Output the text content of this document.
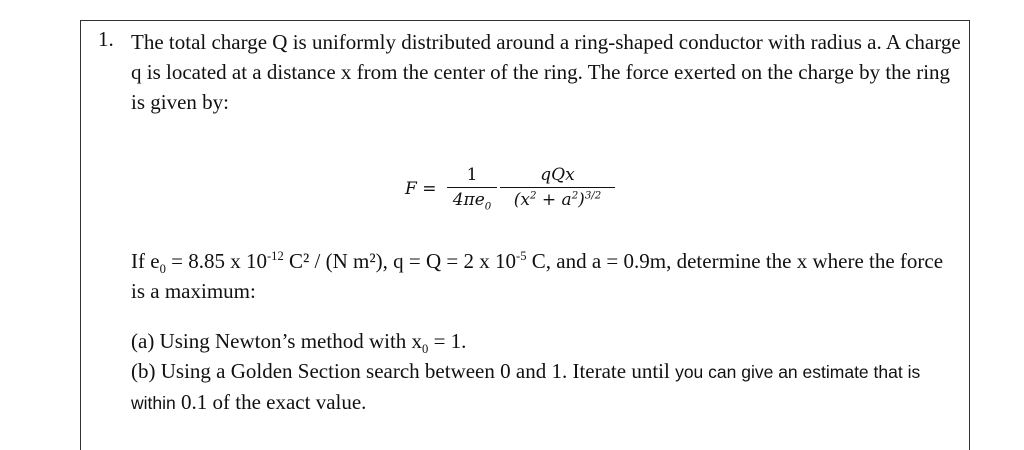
1. The total charge Q is uniformly distributed around a ring-shaped conductor with radius a. A charge q is located at a distance x from the center of the ring. The force exerted on the charge by the ring is given by:
F =
1
$4\pi e_0$
qQx
$(x^2 + a^2)^{3/2}$
If $e_0 = 8.85$ x $10^{-12}$ C² / (N m²), q = Q = 2 x $10^{-5}$ C, and a = 0.9m, determine the x where the force is a maximum:
(a) Using Newton’s method with $x_0 = 1$.
(b) Using a Golden Section search between 0 and 1. Iterate until you can give an estimate that is within 0.1 of the exact value.
